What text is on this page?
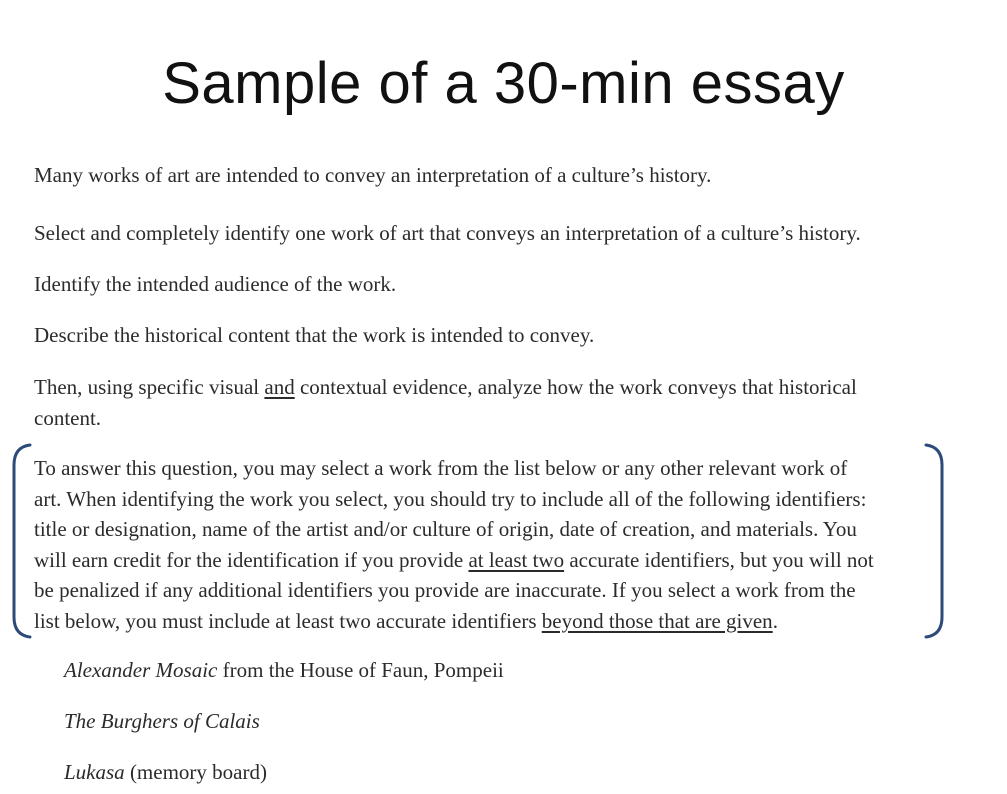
Sample of a 30-min essay
Many works of art are intended to convey an interpretation of a culture’s history.
Select and completely identify one work of art that conveys an interpretation of a culture’s history.
Identify the intended audience of the work.
Describe the historical content that the work is intended to convey.
Then, using specific visual and contextual evidence, analyze how the work conveys that historical
content.
To answer this question, you may select a work from the list below or any other relevant work of
art. When identifying the work you select, you should try to include all of the following identifiers:
title or designation, name of the artist and/or culture of origin, date of creation, and materials. You
will earn credit for the identification if you provide at least two accurate identifiers, but you will not
be penalized if any additional identifiers you provide are inaccurate. If you select a work from the
list below, you must include at least two accurate identifiers beyond those that are given.
Alexander Mosaic from the House of Faun, Pompeii
The Burghers of Calais
Lukasa (memory board)
